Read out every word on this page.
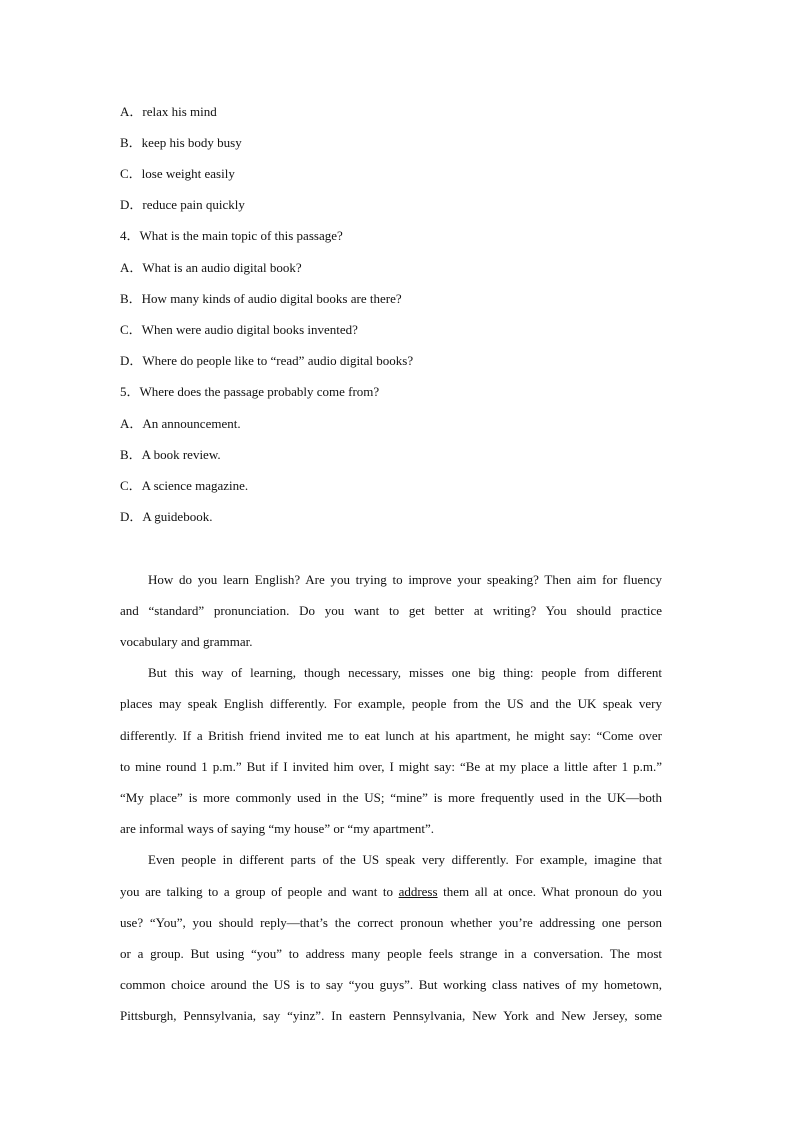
A．relax his mind
B．keep his body busy
C．lose weight easily
D．reduce pain quickly
4．What is the main topic of this passage?
A．What is an audio digital book?
B．How many kinds of audio digital books are there?
C．When were audio digital books invented?
D．Where do people like to “read” audio digital books?
5．Where does the passage probably come from?
A．An announcement.
B．A book review.
C．A science magazine.
D．A guidebook.
How do you learn English? Are you trying to improve your speaking? Then aim for fluency
and “standard” pronunciation. Do you want to get better at writing? You should practice
vocabulary and grammar.
But this way of learning, though necessary, misses one big thing: people from different
places may speak English differently. For example, people from the US and the UK speak very
differently. If a British friend invited me to eat lunch at his apartment, he might say: “Come over
to mine round 1 p.m.” But if I invited him over, I might say: “Be at my place a little after 1 p.m.”
“My place” is more commonly used in the US; “mine” is more frequently used in the UK—both
are informal ways of saying “my house” or “my apartment”.
Even people in different parts of the US speak very differently. For example, imagine that
you are talking to a group of people and want to address them all at once. What pronoun do you
use? “You”, you should reply—that’s the correct pronoun whether you’re addressing one person
or a group. But using “you” to address many people feels strange in a conversation. The most
common choice around the US is to say “you guys”. But working class natives of my hometown,
Pittsburgh, Pennsylvania, say “yinz”. In eastern Pennsylvania, New York and New Jersey, some
